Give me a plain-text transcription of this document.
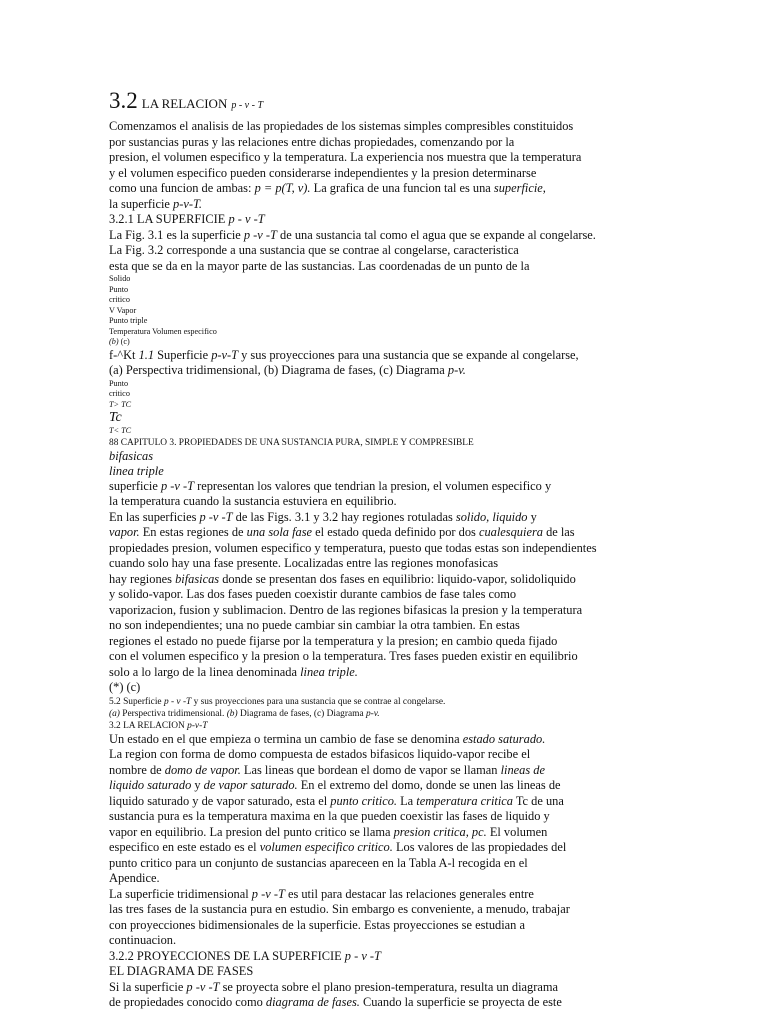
3.2 LA RELACION p - v - T
Comenzamos el analisis de las propiedades de los sistemas simples compresibles constituidos
por sustancias puras y las relaciones entre dichas propiedades, comenzando por la
presion, el volumen especifico y la temperatura. La experiencia nos muestra que la temperatura
y el volumen especifico pueden considerarse independientes y la presion determinarse
como una funcion de ambas: p = p(T, v). La grafica de una funcion tal es una superficie,
la superficie p-v-T.
3.2.1 LA SUPERFICIE p - v -T
La Fig. 3.1 es la superficie p -v -T de una sustancia tal como el agua que se expande al congelarse.
La Fig. 3.2 corresponde a una sustancia que se contrae al congelarse, caracteristica
esta que se da en la mayor parte de las sustancias. Las coordenadas de un punto de la
Solido
Punto
critico
V Vapor
Punto triple
Temperatura Volumen especifico
(b) (c)
f-^Kt 1.1 Superficie p-v-T y sus proyecciones para una sustancia que se expande al congelarse,
(a) Perspectiva tridimensional, (b) Diagrama de fases, (c) Diagrama p-v.
Punto
critico
T> TC
Tc
T< TC
88 CAPITULO 3. PROPIEDADES DE UNA SUSTANCIA PURA, SIMPLE Y COMPRESIBLE
bifasicas
linea triple
superficie p -v -T representan los valores que tendrian la presion, el volumen especifico y
la temperatura cuando la sustancia estuviera en equilibrio.
En las superficies p -v -T de las Figs. 3.1 y 3.2 hay regiones rotuladas solido, liquido y
vapor. En estas regiones de una sola fase el estado queda definido por dos cualesquiera de las
propiedades presion, volumen especifico y temperatura, puesto que todas estas son independientes
cuando solo hay una fase presente. Localizadas entre las regiones monofasicas
hay regiones bifasicas donde se presentan dos fases en equilibrio: liquido-vapor, solidoliquido
y solido-vapor. Las dos fases pueden coexistir durante cambios de fase tales como
vaporizacion, fusion y sublimacion. Dentro de las regiones bifasicas la presion y la temperatura
no son independientes; una no puede cambiar sin cambiar la otra tambien. En estas
regiones el estado no puede fijarse por la temperatura y la presion; en cambio queda fijado
con el volumen especifico y la presion o la temperatura. Tres fases pueden existir en equilibrio
solo a lo largo de la linea denominada linea triple.
(*) (c)
5.2 Superficie p - v -T y sus proyecciones para una sustancia que se contrae al congelarse.
(a) Perspectiva tridimensional. (b) Diagrama de fases, (c) Diagrama p-v.
3.2 LA RELACION p-v-T
Un estado en el que empieza o termina un cambio de fase se denomina estado saturado.
La region con forma de domo compuesta de estados bifasicos liquido-vapor recibe el
nombre de domo de vapor. Las lineas que bordean el domo de vapor se llaman lineas de
liquido saturado y de vapor saturado. En el extremo del domo, donde se unen las lineas de
liquido saturado y de vapor saturado, esta el punto critico. La temperatura critica Tc de una
sustancia pura es la temperatura maxima en la que pueden coexistir las fases de liquido y
vapor en equilibrio. La presion del punto critico se llama presion critica, pc. El volumen
especifico en este estado es el volumen especifico critico. Los valores de las propiedades del
punto critico para un conjunto de sustancias apareceen en la Tabla A-l recogida en el
Apendice.
La superficie tridimensional p -v -T es util para destacar las relaciones generales entre
las tres fases de la sustancia pura en estudio. Sin embargo es conveniente, a menudo, trabajar
con proyecciones bidimensionales de la superficie. Estas proyecciones se estudian a
continuacion.
3.2.2 PROYECCIONES DE LA SUPERFICIE p - v -T
EL DIAGRAMA DE FASES
Si la superficie p -v -T se proyecta sobre el plano presion-temperatura, resulta un diagrama
de propiedades conocido como diagrama de fases. Cuando la superficie se proyecta de este
